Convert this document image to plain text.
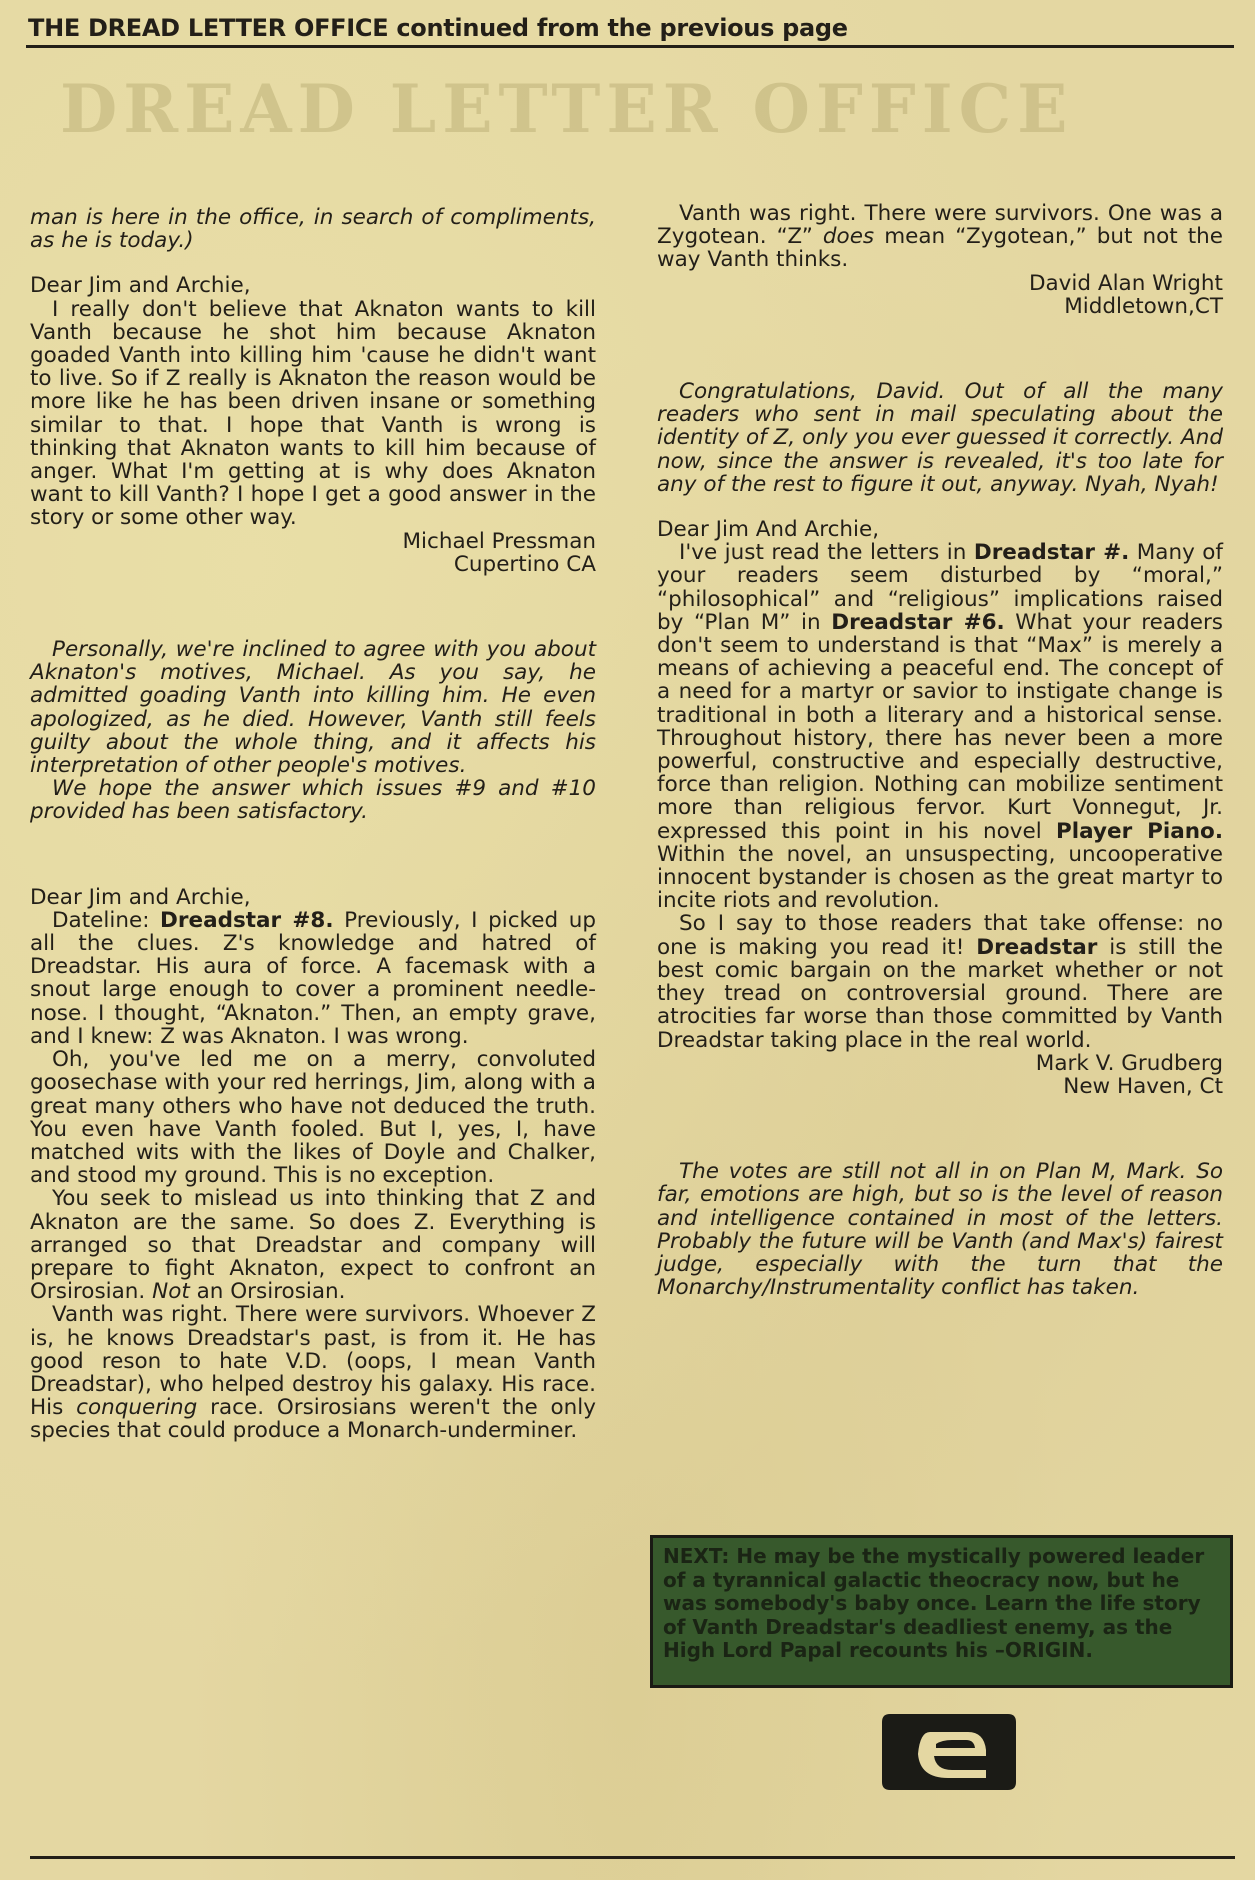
THE DREAD LETTER OFFICE continued from the previous page
DREAD LETTER OFFICE

man is here in the office, in search of compliments, as he is today.)

Dear Jim and Archie,

I really don't believe that Aknaton wants to kill Vanth because he shot him because Aknaton goaded Vanth into killing him 'cause he didn't want to live. So if Z really is Aknaton the reason would be more like he has been driven insane or something similar to that. I hope that Vanth is wrong is thinking that Aknaton wants to kill him because of anger. What I'm getting at is why does Aknaton want to kill Vanth? I hope I get a good answer in the story or some other way.

Michael Pressman

Cupertino CA

Personally, we're inclined to agree with you about Aknaton's motives, Michael. As you say, he admitted goading Vanth into killing him. He even apologized, as he died. However, Vanth still feels guilty about the whole thing, and it affects his interpretation of other people's motives.

We hope the answer which issues #9 and #10 provided has been satisfactory.

Dear Jim and Archie,

Dateline: Dreadstar #8. Previously, I picked up all the clues. Z's knowledge and hatred of Dreadstar. His aura of force. A facemask with a snout large enough to cover a prominent needle-nose. I thought, “Aknaton.” Then, an empty grave, and I knew: Z was Aknaton. I was wrong.

Oh, you've led me on a merry, convoluted goosechase with your red herrings, Jim, along with a great many others who have not deduced the truth. You even have Vanth fooled. But I, yes, I, have matched wits with the likes of Doyle and Chalker, and stood my ground. This is no exception.

You seek to mislead us into thinking that Z and Aknaton are the same. So does Z. Everything is arranged so that Dreadstar and company will prepare to fight Aknaton, expect to confront an Orsirosian. Not an Orsirosian.

Vanth was right. There were survivors. Whoever Z is, he knows Dreadstar's past, is from it. He has good reson to hate V.D. (oops, I mean Vanth Dreadstar), who helped destroy his galaxy. His race. His conquering race. Orsirosians weren't the only species that could produce a Monarch-underminer.

Vanth was right. There were survivors. One was a Zygotean. “Z” does mean “Zygotean,” but not the way Vanth thinks.

David Alan Wright

Middletown,CT

Congratulations, David. Out of all the many readers who sent in mail speculating about the identity of Z, only you ever guessed it correctly. And now, since the answer is revealed, it's too late for any of the rest to figure it out, anyway. Nyah, Nyah!

Dear Jim And Archie,

I've just read the letters in Dreadstar #. Many of your readers seem disturbed by “moral,” “philosophical” and “religious” implications raised by “Plan M” in Dreadstar #6. What your readers don't seem to understand is that “Max” is merely a means of achieving a peaceful end. The concept of a need for a martyr or savior to instigate change is traditional in both a literary and a historical sense. Throughout history, there has never been a more powerful, constructive and especially destructive, force than religion. Nothing can mobilize sentiment more than religious fervor. Kurt Vonnegut, Jr. expressed this point in his novel Player Piano. Within the novel, an unsuspecting, uncooperative innocent bystander is chosen as the great martyr to incite riots and revolution.

So I say to those readers that take offense: no one is making you read it! Dreadstar is still the best comic bargain on the market whether or not they tread on controversial ground. There are atrocities far worse than those committed by Vanth Dreadstar taking place in the real world.

Mark V. Grudberg

New Haven, Ct

The votes are still not all in on Plan M, Mark. So far, emotions are high, but so is the level of reason and intelligence contained in most of the letters. Probably the future will be Vanth (and Max's) fairest judge, especially with the turn that the Monarchy/Instrumentality conflict has taken.

NEXT: He may be the mystically powered leader of a tyrannical galactic theocracy now, but he was somebody's baby once. Learn the life story of Vanth Dreadstar's deadliest enemy, as the High Lord Papal recounts his –ORIGIN.
